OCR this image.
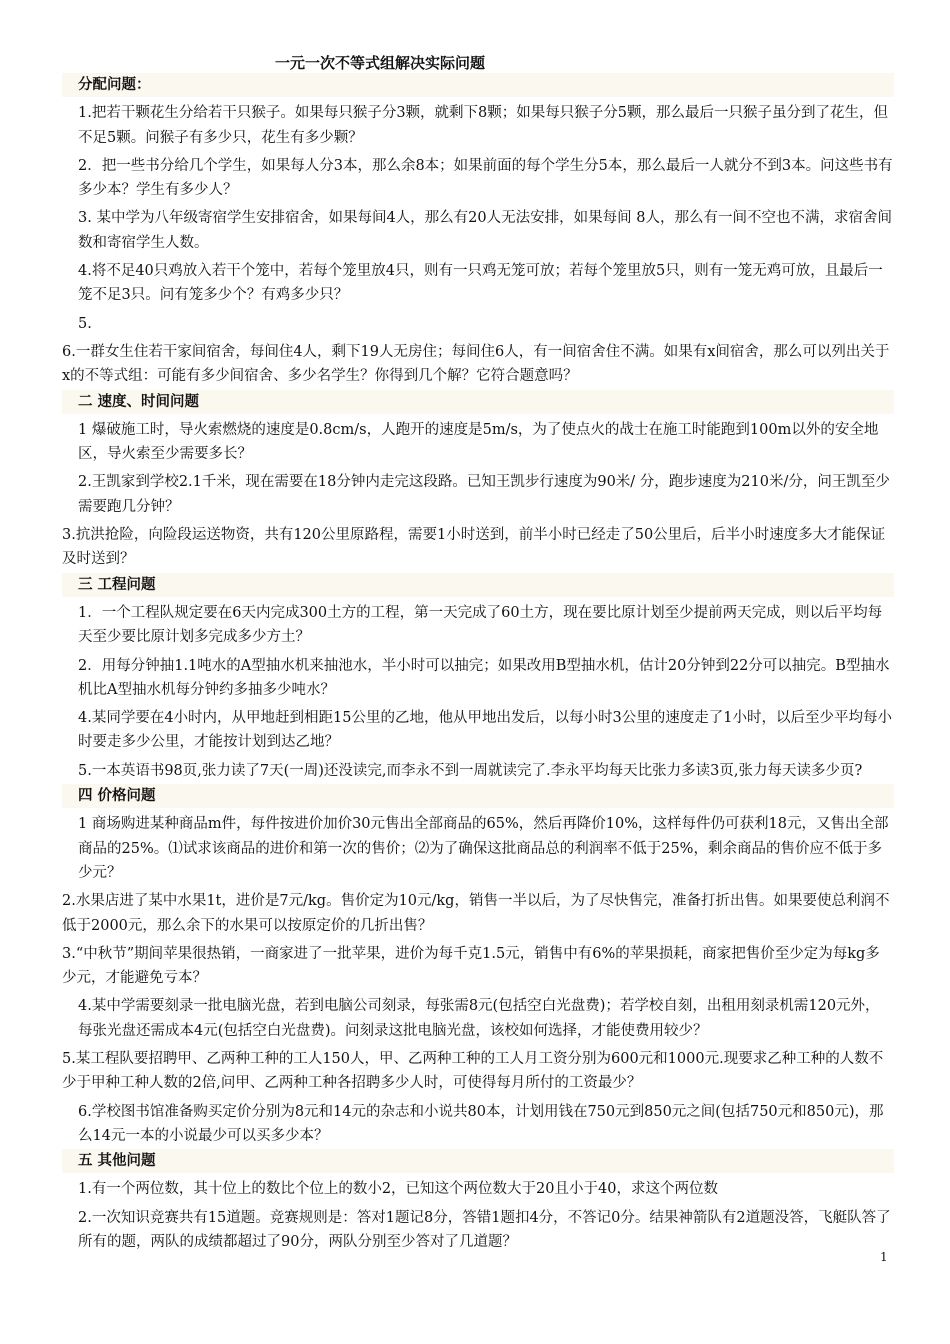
一元一次不等式组解决实际问题
分配问题：
1.把若干颗花生分给若干只猴子。如果每只猴子分3颗，就剩下8颗；如果每只猴子分5颗，那么最后一只猴子虽分到了花生，但不足5颗。问猴子有多少只，花生有多少颗？
2．把一些书分给几个学生，如果每人分3本，那么余8本；如果前面的每个学生分5本，那么最后一人就分不到3本。问这些书有多少本？学生有多少人？
3. 某中学为八年级寄宿学生安排宿舍，如果每间4人，那么有20人无法安排，如果每间 8人，那么有一间不空也不满，求宿舍间数和寄宿学生人数。
4.将不足40只鸡放入若干个笼中，若每个笼里放4只，则有一只鸡无笼可放；若每个笼里放5只，则有一笼无鸡可放，且最后一笼不足3只。问有笼多少个？有鸡多少只？
5.
6.一群女生住若干家间宿舍，每间住4人，剩下19人无房住；每间住6人，有一间宿舍住不满。如果有x间宿舍，那么可以列出关于x的不等式组：可能有多少间宿舍、多少名学生？你得到几个解？它符合题意吗？
二 速度、时间问题
1 爆破施工时，导火索燃烧的速度是0.8cm/s，人跑开的速度是5m/s，为了使点火的战士在施工时能跑到100m以外的安全地区，导火索至少需要多长？
2.王凯家到学校2.1千米，现在需要在18分钟内走完这段路。已知王凯步行速度为90米/ 分，跑步速度为210米/分，问王凯至少需要跑几分钟？
3.抗洪抢险，向险段运送物资，共有120公里原路程，需要1小时送到，前半小时已经走了50公里后，后半小时速度多大才能保证及时送到？
三 工程问题
1．一个工程队规定要在6天内完成300土方的工程，第一天完成了60土方，现在要比原计划至少提前两天完成，则以后平均每天至少要比原计划多完成多少方土？
2．用每分钟抽1.1吨水的A型抽水机来抽池水，半小时可以抽完；如果改用B型抽水机，估计20分钟到22分可以抽完。B型抽水机比A型抽水机每分钟约多抽多少吨水？
4.某同学要在4小时内，从甲地赶到相距15公里的乙地，他从甲地出发后，以每小时3公里的速度走了1小时，以后至少平均每小时要走多少公里，才能按计划到达乙地？
5.一本英语书98页,张力读了7天(一周)还没读完,而李永不到一周就读完了.李永平均每天比张力多读3页,张力每天读多少页?
四 价格问题
1 商场购进某种商品m件，每件按进价加价30元售出全部商品的65%，然后再降价10%，这样每件仍可获利18元，又售出全部商品的25%。⑴试求该商品的进价和第一次的售价；⑵为了确保这批商品总的利润率不低于25%，剩余商品的售价应不低于多少元？
2.水果店进了某中水果1t，进价是7元/kg。售价定为10元/kg，销售一半以后，为了尽快售完，准备打折出售。如果要使总利润不低于2000元，那么余下的水果可以按原定价的几折出售？
3.“中秋节”期间苹果很热销，一商家进了一批苹果，进价为每千克1.5元，销售中有6%的苹果损耗，商家把售价至少定为每kg多少元，才能避免亏本？
4.某中学需要刻录一批电脑光盘，若到电脑公司刻录，每张需8元(包括空白光盘费)；若学校自刻，出租用刻录机需120元外，每张光盘还需成本4元(包括空白光盘费)。问刻录这批电脑光盘，该校如何选择，才能使费用较少？
5.某工程队要招聘甲、乙两种工种的工人150人，甲、乙两种工种的工人月工资分别为600元和1000元.现要求乙种工种的人数不少于甲种工种人数的2倍,问甲、乙两种工种各招聘多少人时，可使得每月所付的工资最少？
6.学校图书馆准备购买定价分别为8元和14元的杂志和小说共80本，计划用钱在750元到850元之间(包括750元和850元)，那么14元一本的小说最少可以买多少本？
五 其他问题
1.有一个两位数，其十位上的数比个位上的数小2，已知这个两位数大于20且小于40，求这个两位数
2.一次知识竞赛共有15道题。竞赛规则是：答对1题记8分，答错1题扣4分，不答记0分。结果神箭队有2道题没答，飞艇队答了所有的题，两队的成绩都超过了90分，两队分别至少答对了几道题？
1
